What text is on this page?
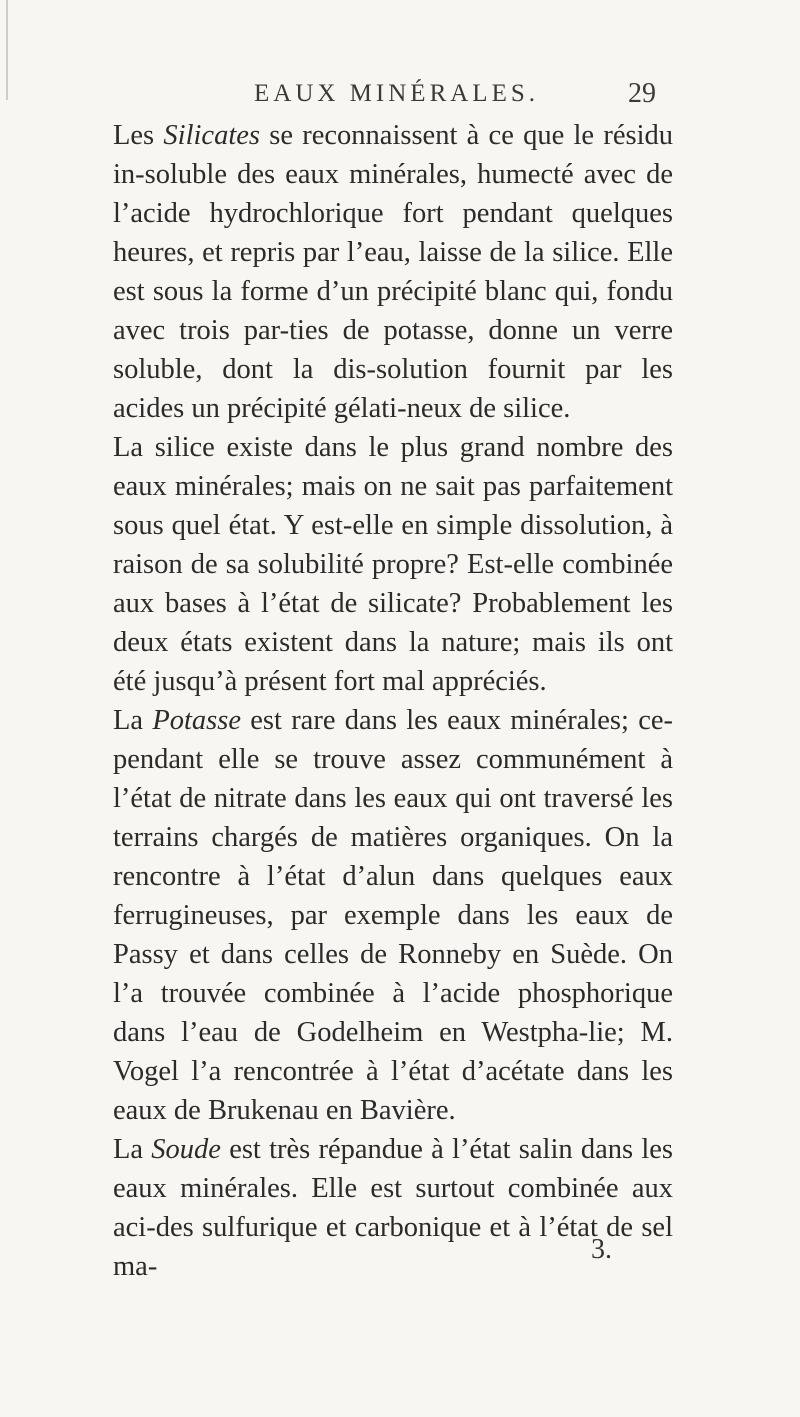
EAUX MINÉRALES.	29

Les Silicates se reconnaissent à ce que le résidu in-soluble des eaux minérales, humecté avec de l’acide hydrochlorique fort pendant quelques heures, et repris par l’eau, laisse de la silice. Elle est sous la forme d’un précipité blanc qui, fondu avec trois par-ties de potasse, donne un verre soluble, dont la dis-solution fournit par les acides un précipité gélati-neux de silice.

La silice existe dans le plus grand nombre des eaux minérales; mais on ne sait pas parfaitement sous quel état. Y est-elle en simple dissolution, à raison de sa solubilité propre? Est-elle combinée aux bases à l’état de silicate? Probablement les deux états existent dans la nature; mais ils ont été jusqu’à présent fort mal appréciés.

La Potasse est rare dans les eaux minérales; ce-pendant elle se trouve assez communément à l’état de nitrate dans les eaux qui ont traversé les terrains chargés de matières organiques. On la rencontre à l’état d’alun dans quelques eaux ferrugineuses, par exemple dans les eaux de Passy et dans celles de Ronneby en Suède. On l’a trouvée combinée à l’acide phosphorique dans l’eau de Godelheim en Westpha-lie; M. Vogel l’a rencontrée à l’état d’acétate dans les eaux de Brukenau en Bavière.

La Soude est très répandue à l’état salin dans les eaux minérales. Elle est surtout combinée aux aci-des sulfurique et carbonique et à l’état de sel ma-

3.
